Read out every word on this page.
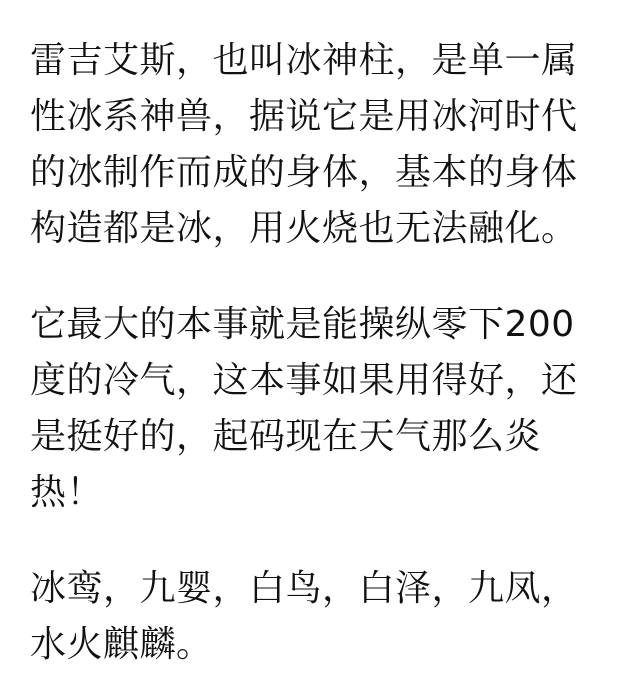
雷吉艾斯，也叫冰神柱，是单一属
性冰系神兽，据说它是用冰河时代
的冰制作而成的身体，基本的身体
构造都是冰，用火烧也无法融化。
它最大的本事就是能操纵零下200
度的冷气，这本事如果用得好，还
是挺好的，起码现在天气那么炎
热！
冰鸾，九婴，白鸟，白泽，九凤，
水火麒麟。
